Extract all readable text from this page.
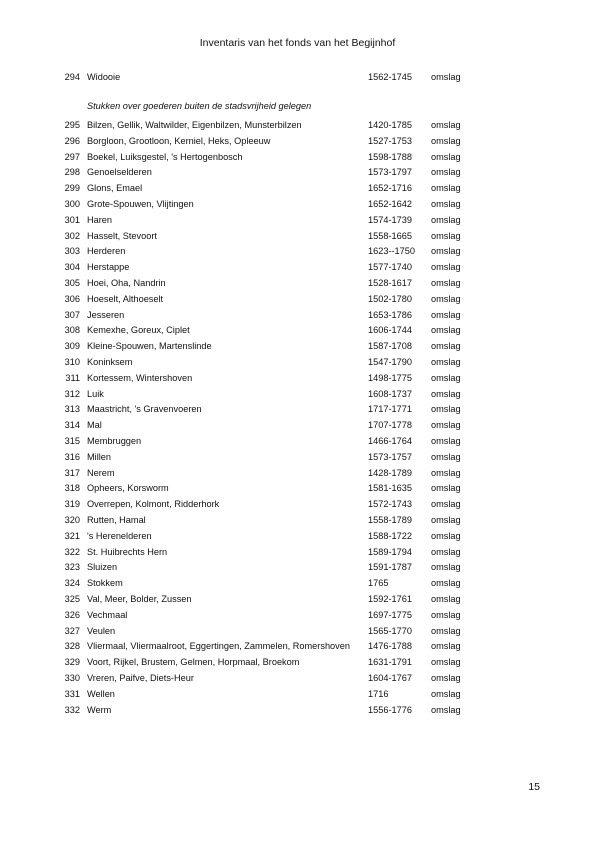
Inventaris van het fonds van het Begijnhof
294 Widooie	1562-1745 omslag
Stukken over goederen buiten de stadsvrijheid gelegen
295 Bilzen, Gellik, Waltwilder, Eigenbilzen, Munsterbilzen	1420-1785 omslag
296 Borgloon, Grootloon, Kerniel, Heks, Opleeuw	1527-1753 omslag
297 Boekel, Luiksgestel, 's Hertogenbosch	1598-1788 omslag
298 Genoelselderen	1573-1797 omslag
299 Glons, Emael	1652-1716 omslag
300 Grote-Spouwen, Vlijtingen	1652-1642 omslag
301 Haren	1574-1739 omslag
302 Hasselt, Stevoort	1558-1665 omslag
303 Herderen	1623--1750 omslag
304 Herstappe	1577-1740 omslag
305 Hoei, Oha, Nandrin	1528-1617 omslag
306 Hoeselt, Althoeselt	1502-1780 omslag
307 Jesseren	1653-1786 omslag
308 Kemexhe, Goreux, Ciplet	1606-1744 omslag
309 Kleine-Spouwen, Martenslinde	1587-1708 omslag
310 Koninksem	1547-1790 omslag
311 Kortessem, Wintershoven	1498-1775 omslag
312 Luik	1608-1737 omslag
313 Maastricht, 's Gravenvoeren	1717-1771 omslag
314 Mal	1707-1778 omslag
315 Membruggen	1466-1764 omslag
316 Millen	1573-1757 omslag
317 Nerem	1428-1789 omslag
318 Opheers, Korsworm	1581-1635 omslag
319 Overrepen, Kolmont, Ridderhork	1572-1743 omslag
320 Rutten, Hamal	1558-1789 omslag
321 's Herenelderen	1588-1722 omslag
322 St. Huibrechts Hern	1589-1794 omslag
323 Sluizen	1591-1787 omslag
324 Stokkem	1765	omslag
325 Val, Meer, Bolder, Zussen	1592-1761 omslag
326 Vechmaal	1697-1775 omslag
327 Veulen	1565-1770 omslag
328 Vliermaal, Vliermaalroot, Eggertingen, Zammelen, Romershoven 1476-1788 omslag
329 Voort, Rijkel, Brustem, Gelmen, Horpmaal, Broekom	1631-1791 omslag
330 Vreren, Paifve, Diets-Heur	1604-1767 omslag
331 Wellen	1716	omslag
332 Werm	1556-1776 omslag
15
